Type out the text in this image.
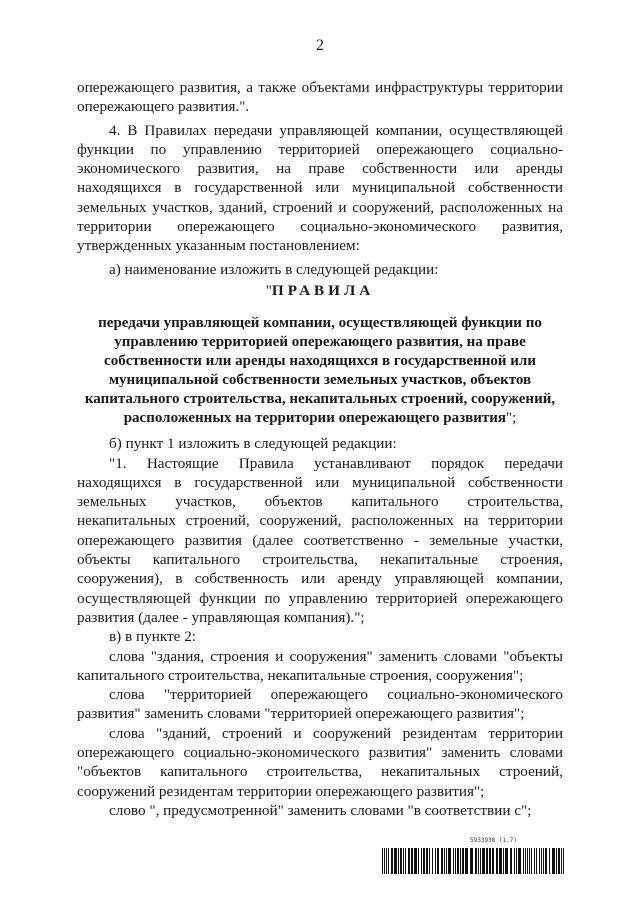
2

опережающего развития, а также объектами инфраструктуры территории опережающего развития.".

4. В Правилах передачи управляющей компании, осуществляющей функции по управлению территорией опережающего социально-экономического развития, на праве собственности или аренды находящихся в государственной или муниципальной собственности земельных участков, зданий, строений и сооружений, расположенных на территории опережающего социально-экономического развития, утвержденных указанным постановлением:

а) наименование изложить в следующей редакции:

"ПРАВИЛА
передачи управляющей компании, осуществляющей функции по управлению территорией опережающего развития, на праве собственности или аренды находящихся в государственной или муниципальной собственности земельных участков, объектов капитального строительства, некапитальных строений, сооружений, расположенных на территории опережающего развития";

б) пункт 1 изложить в следующей редакции:

"1. Настоящие Правила устанавливают порядок передачи находящихся в государственной или муниципальной собственности земельных участков, объектов капитального строительства, некапитальных строений, сооружений, расположенных на территории опережающего развития (далее соответственно - земельные участки, объекты капитального строительства, некапитальные строения, сооружения), в собственность или аренду управляющей компании, осуществляющей функции по управлению территорией опережающего развития (далее - управляющая компания).";

в) в пункте 2:

слова "здания, строения и сооружения" заменить словами "объекты капитального строительства, некапитальные строения, сооружения";

слова "территорией опережающего социально-экономического развития" заменить словами "территорией опережающего развития";

слова "зданий, строений и сооружений резидентам территории опережающего социально-экономического развития" заменить словами "объектов капитального строительства, некапитальных строений, сооружений резидентам территории опережающего развития";

слово ", предусмотренной" заменить словами "в соответствии с";

5933938 (1.7)
